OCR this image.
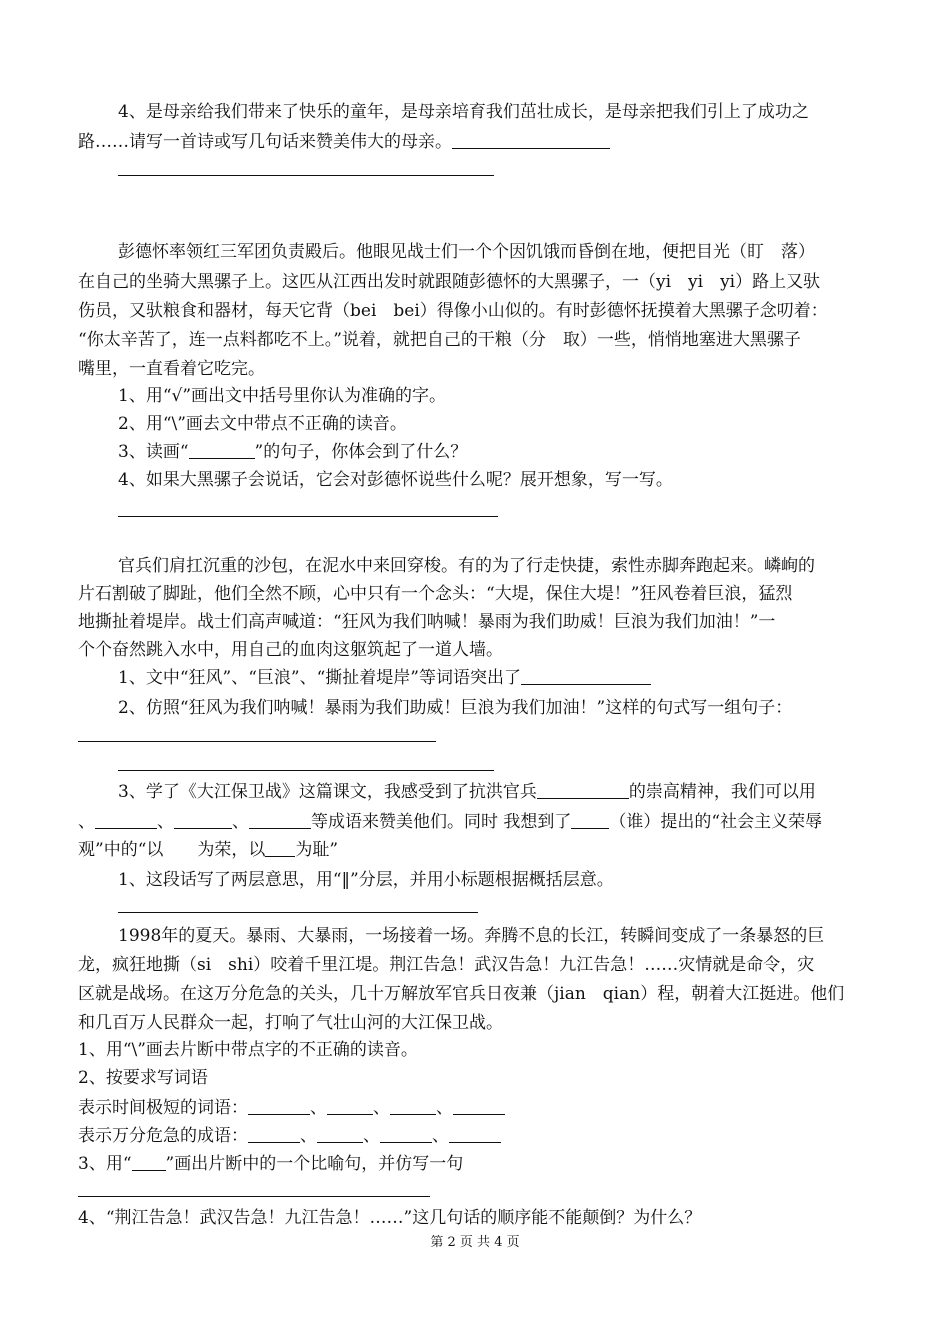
4、是母亲给我们带来了快乐的童年，是母亲培育我们茁壮成长，是母亲把我们引上了成功之
路……请写一首诗或写几句话来赞美伟大的母亲。
彭德怀率领红三军团负责殿后。他眼见战士们一个个因饥饿而昏倒在地，便把目光（盯　落）
在自己的坐骑大黑骡子上。这匹从江西出发时就跟随彭德怀的大黑骡子，一（yi　yi　yi）路上又驮
伤员，又驮粮食和器材，每天它背（bei　bei）得像小山似的。有时彭德怀抚摸着大黑骡子念叨着：
“你太辛苦了，连一点料都吃不上。”说着，就把自己的干粮（分　取）一些，悄悄地塞进大黑骡子
嘴里，一直看着它吃完。
1、用“√”画出文中括号里你认为准确的字。
2、用“\”画去文中带点不正确的读音。
3、读画“	”的句子，你体会到了什么？
4、如果大黑骡子会说话，它会对彭德怀说些什么呢？展开想象，写一写。
官兵们肩扛沉重的沙包，在泥水中来回穿梭。有的为了行走快捷，索性赤脚奔跑起来。嶙峋的
片石割破了脚趾，他们全然不顾，心中只有一个念头：“大堤，保住大堤！”狂风卷着巨浪，猛烈
地撕扯着堤岸。战士们高声喊道：“狂风为我们呐喊！暴雨为我们助威！巨浪为我们加油！”一
个个奋然跳入水中，用自己的血肉这躯筑起了一道人墙。
1、文中“狂风”、“巨浪”、“撕扯着堤岸”等词语突出了
2、仿照“狂风为我们呐喊！暴雨为我们助威！巨浪为我们加油！”这样的句式写一组句子：
3、学了《大江保卫战》这篇课文，我感受到了抗洪官兵	的崇高精神，我们可以用
、	、	、	等成语来赞美他们。同时 我想到了 （谁）提出的“社会主义荣辱
观”中的“以　　为荣，以 为耻”
1、这段话写了两层意思，用“‖”分层，并用小标题根据概括层意。
1998年的夏天。暴雨、大暴雨，一场接着一场。奔腾不息的长江，转瞬间变成了一条暴怒的巨
龙，疯狂地撕（si　shi）咬着千里江堤。荆江告急！武汉告急！九江告急！……灾情就是命令，灾
区就是战场。在这万分危急的关头，几十万解放军官兵日夜兼（jian　qian）程，朝着大江挺进。他们
和几百万人民群众一起，打响了气壮山河的大江保卫战。
1、用“\”画去片断中带点字的不正确的读音。
2、按要求写词语
表示时间极短的词语：	、	、	、
表示万分危急的成语：	、	、	、
3、用“ ”画出片断中的一个比喻句，并仿写一句
4、“荆江告急！武汉告急！九江告急！……”这几句话的顺序能不能颠倒？为什么？
第 2 页 共 4 页
